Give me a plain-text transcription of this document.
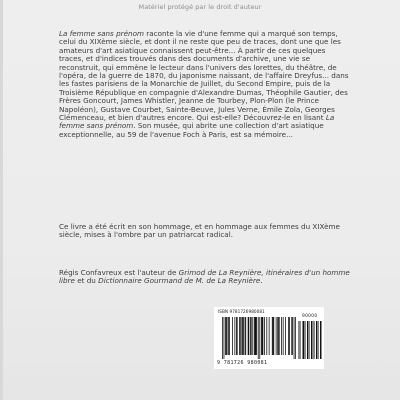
Matériel protégé par le droit d'auteur

La femme sans prénom raconte la vie d'une femme qui a marqué son temps, celui du XIXème siècle, et dont il ne reste que peu de traces, dont une que les amateurs d'art asiatique connaissent peut-être... À partir de ces quelques traces, et d'indices trouvés dans des documents d'archive, une vie se reconstruit, qui emmène le lecteur dans l'univers des lorettes, du théâtre, de l'opéra, de la guerre de 1870, du japonisme naissant, de l'affaire Dreyfus... dans les fastes parisiens de la Monarchie de Juillet, du Second Empire, puis de la Troisième République en compagnie d'Alexandre Dumas, Théophile Gautier, des Frères Goncourt, James Whistler, Jeanne de Tourbey, Plon-Plon (le Prince Napoléon), Gustave Courbet, Sainte-Beuve, Jules Verne, Émile Zola, Georges Clémenceau, et bien d'autres encore. Qui est-elle? Découvrez-le en lisant La femme sans prénom. Son musée, qui abrite une collection d'art asiatique exceptionnelle, au 59 de l'avenue Foch à Paris, est sa mémoire...

Ce livre a été écrit en son hommage, et en hommage aux femmes du XIXème siècle, mises à l'ombre par un patriarcat radical.

Régis Confavreux est l'auteur de Grimod de La Reynière, itinéraires d'un homme libre et du Dictionnaire Gourmand de M. de La Reynière.

ISBN 9781726980081
90000
9 781726 980081
